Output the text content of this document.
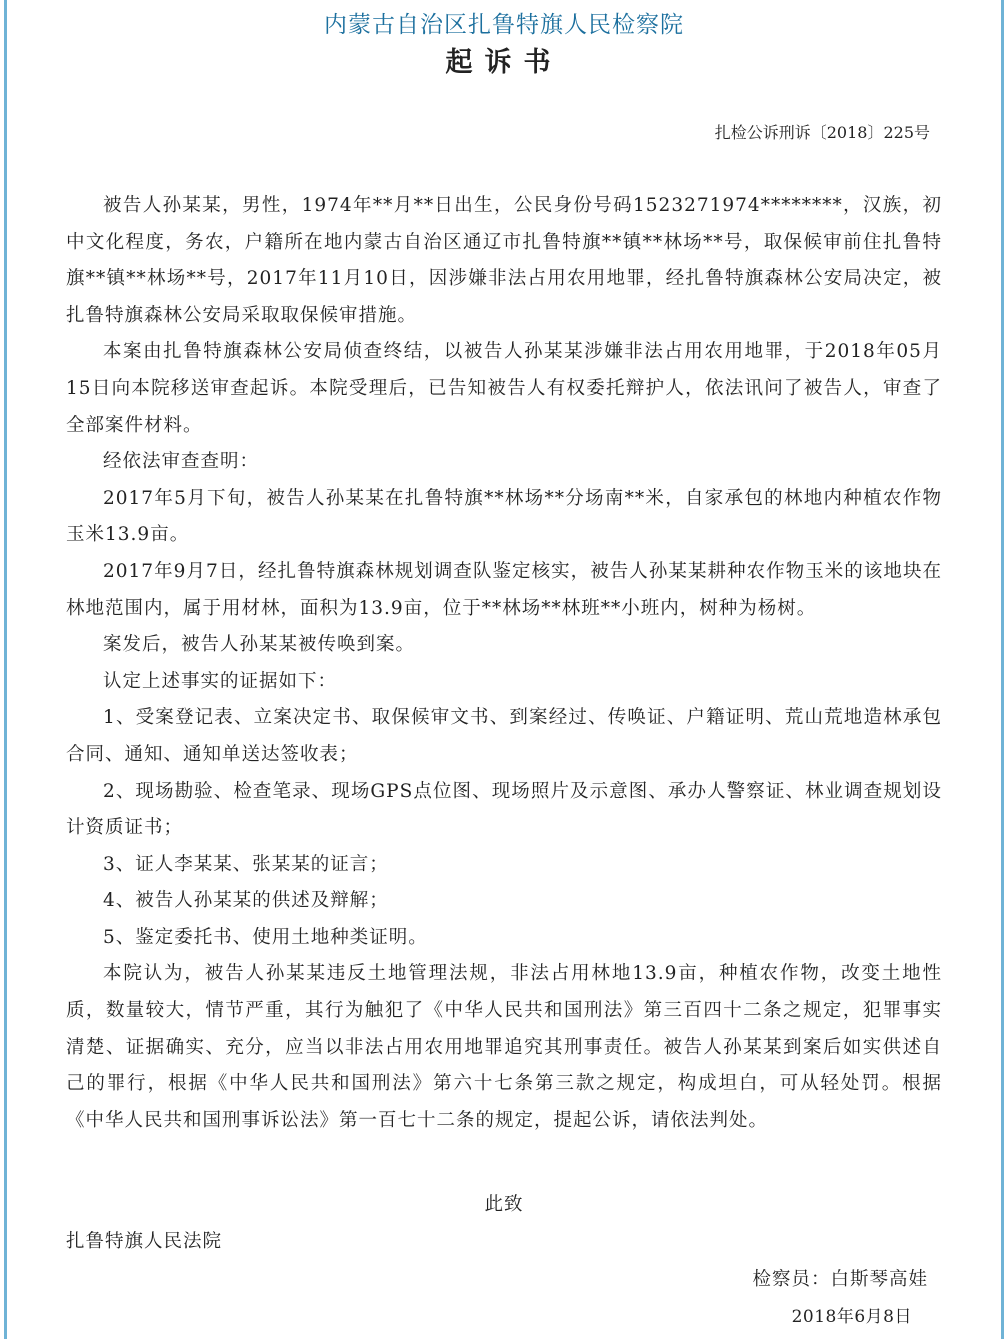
内蒙古自治区扎鲁特旗人民检察院
起诉书
扎检公诉刑诉〔2018〕225号

被告人孙某某，男性，1974年**月**日出生，公民身份号码1523271974********，汉族，初中文化程度，务农，户籍所在地内蒙古自治区通辽市扎鲁特旗**镇**林场**号，取保候审前住扎鲁特旗**镇**林场**号，2017年11月10日，因涉嫌非法占用农用地罪，经扎鲁特旗森林公安局决定，被扎鲁特旗森林公安局采取取保候审措施。

本案由扎鲁特旗森林公安局侦查终结，以被告人孙某某涉嫌非法占用农用地罪，于2018年05月15日向本院移送审查起诉。本院受理后，已告知被告人有权委托辩护人，依法讯问了被告人，审查了全部案件材料。

经依法审查查明：

2017年5月下旬，被告人孙某某在扎鲁特旗**林场**分场南**米，自家承包的林地内种植农作物玉米13.9亩。

2017年9月7日，经扎鲁特旗森林规划调查队鉴定核实，被告人孙某某耕种农作物玉米的该地块在林地范围内，属于用材林，面积为13.9亩，位于**林场**林班**小班内，树种为杨树。

案发后，被告人孙某某被传唤到案。

认定上述事实的证据如下：

1、受案登记表、立案决定书、取保候审文书、到案经过、传唤证、户籍证明、荒山荒地造林承包合同、通知、通知单送达签收表；

2、现场勘验、检查笔录、现场GPS点位图、现场照片及示意图、承办人警察证、林业调查规划设计资质证书；

3、证人李某某、张某某的证言；

4、被告人孙某某的供述及辩解；

5、鉴定委托书、使用土地种类证明。

本院认为，被告人孙某某违反土地管理法规，非法占用林地13.9亩，种植农作物，改变土地性质，数量较大，情节严重，其行为触犯了《中华人民共和国刑法》第三百四十二条之规定，犯罪事实清楚、证据确实、充分，应当以非法占用农用地罪追究其刑事责任。被告人孙某某到案后如实供述自己的罪行，根据《中华人民共和国刑法》第六十七条第三款之规定，构成坦白，可从轻处罚。根据《中华人民共和国刑事诉讼法》第一百七十二条的规定，提起公诉，请依法判处。

此致
扎鲁特旗人民法院
检察员：白斯琴高娃
2018年6月8日
